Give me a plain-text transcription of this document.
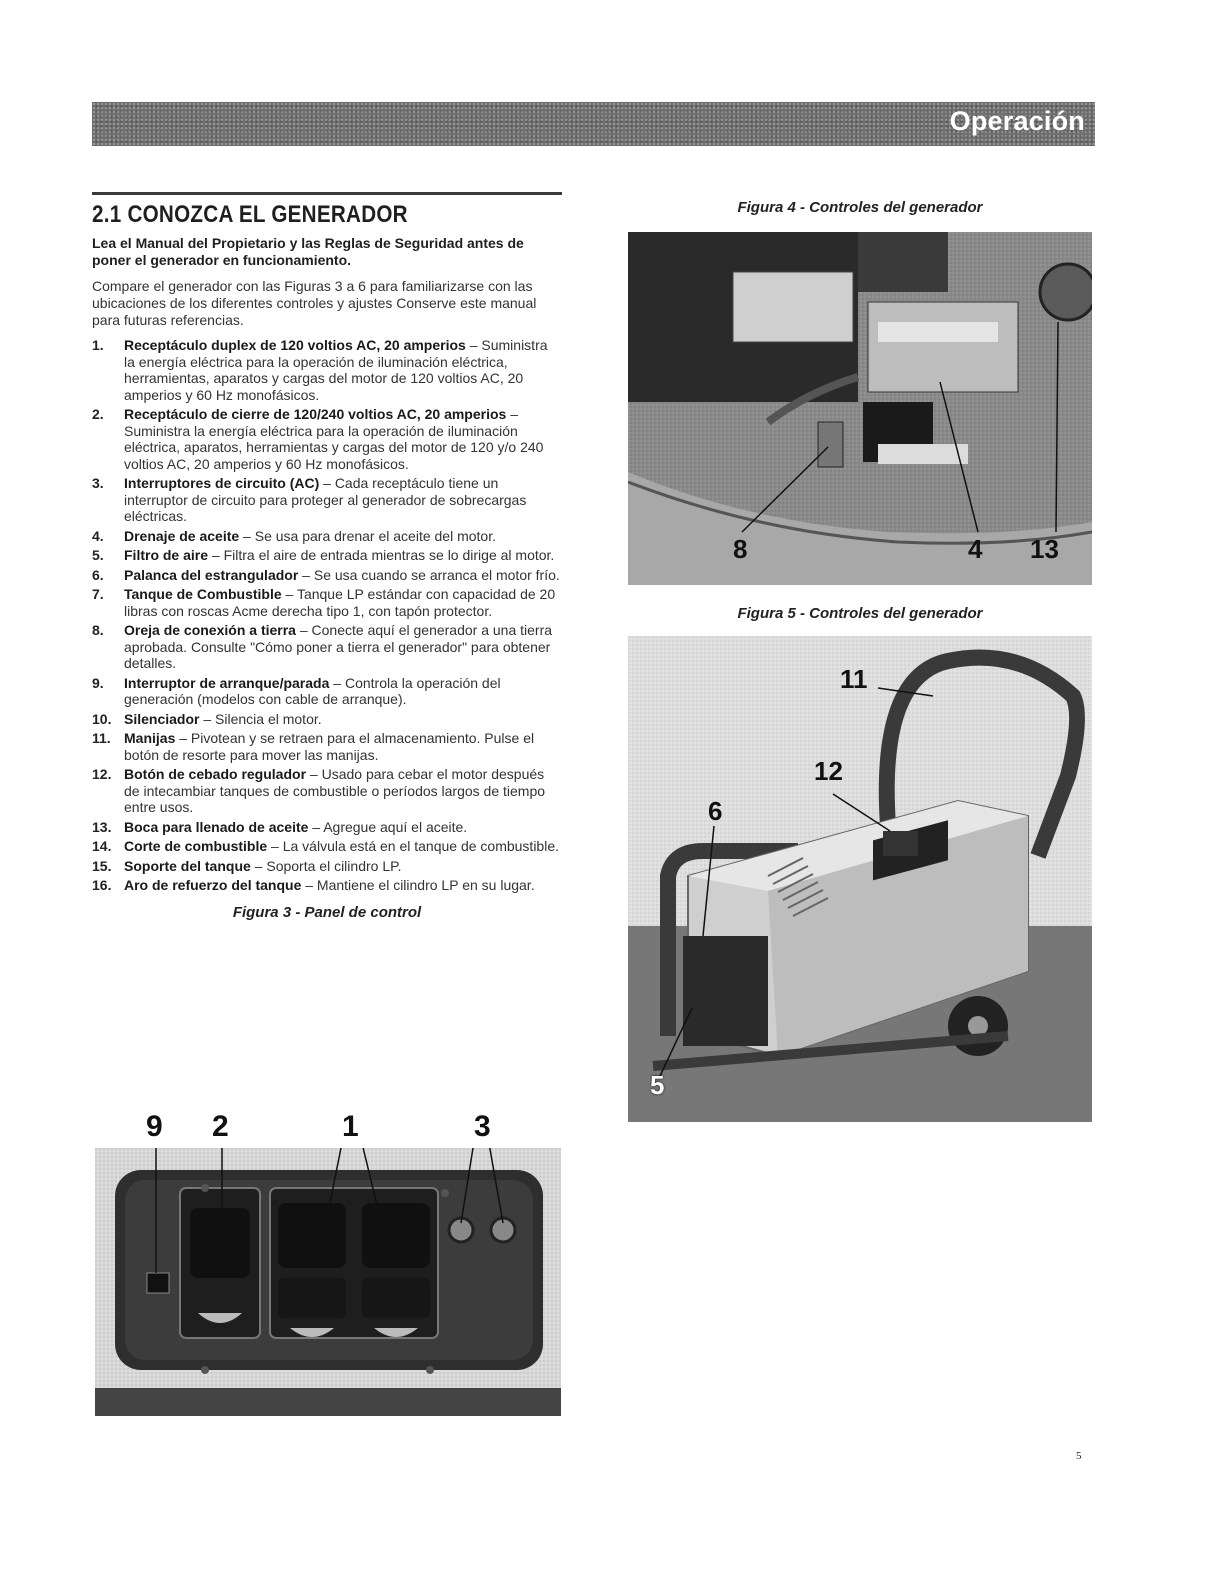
Operación
2.1 CONOZCA EL GENERADOR

Lea el Manual del Propietario y las Reglas de Seguridad antes de poner el generador en funcionamiento.

Compare el generador con las Figuras 3 a 6 para familiarizarse con las ubicaciones de los diferentes controles y ajustes Conserve este manual para futuras referencias.

1.	Receptáculo duplex de 120 voltios AC, 20 amperios – Suministra la energía eléctrica para la operación de iluminación eléctrica, herramientas, aparatos y cargas del motor de 120 voltios AC, 20 amperios y 60 Hz monofásicos.
2.	Receptáculo de cierre de 120/240 voltios AC, 20 amperios – Suministra la energía eléctrica para la operación de iluminación eléctrica, aparatos, herramientas y cargas del motor de 120 y/o 240 voltios AC, 20 amperios y 60 Hz monofásicos.
3.	Interruptores de circuito (AC) – Cada receptáculo tiene un interruptor de circuito para proteger al generador de sobrecargas eléctricas.
4.	Drenaje de aceite – Se usa para drenar el aceite del motor.
5.	Filtro de aire – Filtra el aire de entrada mientras se lo dirige al motor.
6.	Palanca del estrangulador – Se usa cuando se arranca el motor frío.
7.	Tanque de Combustible – Tanque LP estándar con capacidad de 20 libras con roscas Acme derecha tipo 1, con tapón protector.
8.	Oreja de conexión a tierra – Conecte aquí el generador a una tierra aprobada. Consulte "Cómo poner a tierra el generador" para obtener detalles.
9.	Interruptor de arranque/parada – Controla la operación del generación (modelos con cable de arranque).
10. Silenciador – Silencia el motor.
11. Manijas – Pivotean y se retraen para el almacenamiento. Pulse el botón de resorte para mover las manijas.
12. Botón de cebado regulador – Usado para cebar el motor después de intecambiar tanques de combustible o períodos largos de tiempo entre usos.
13. Boca para llenado de aceite – Agregue aquí el aceite.
14. Corte de combustible – La válvula está en el tanque de combustible.
15. Soporte del tanque – Soporta el cilindro LP.
16. Aro de refuerzo del tanque – Mantiene el cilindro LP en su lugar.
Figura 3 - Panel de control
9 2	1	3
Figura 4 - Controles del generador
8	4 13
Figura 5 - Controles del generador
11
12
6
5
5
